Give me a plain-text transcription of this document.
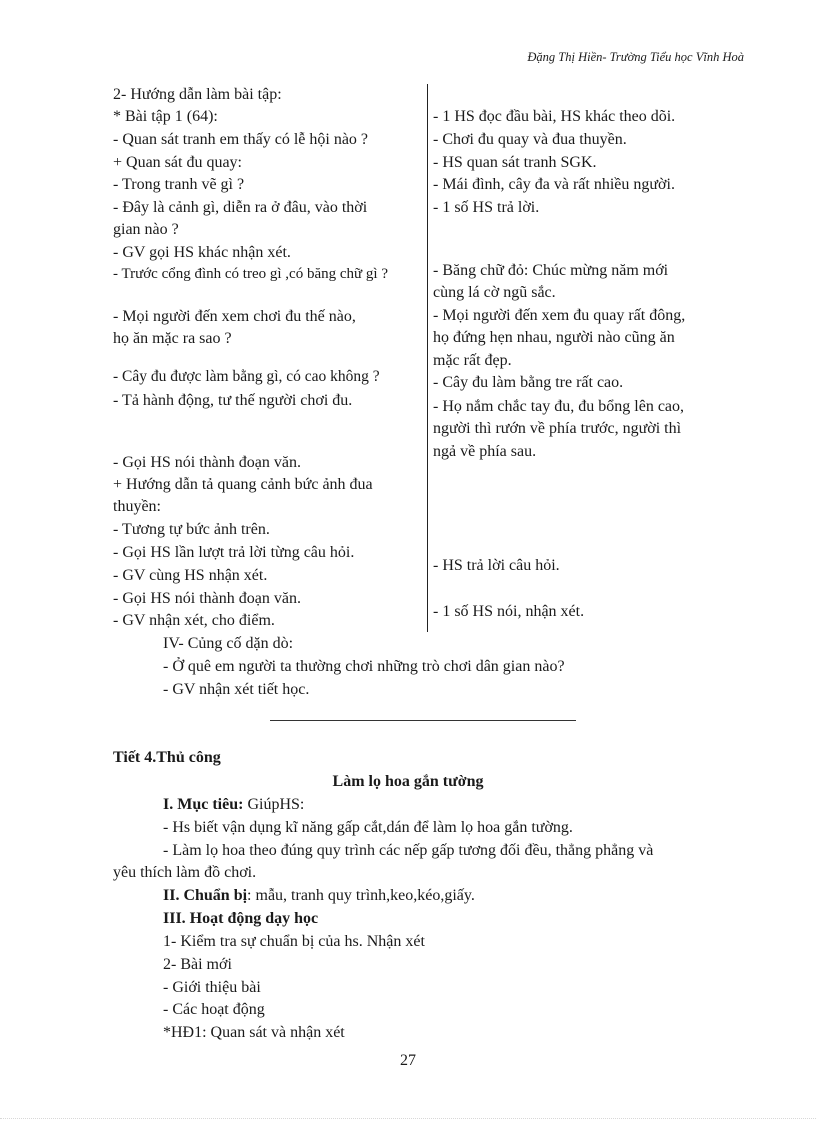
Đặng Thị Hiền- Trường Tiểu học Vĩnh Hoà
2- Hướng dẫn làm bài tập:
* Bài tập 1 (64):
- Quan sát tranh em thấy có lễ hội nào ?
+ Quan sát đu quay:
- Trong tranh vẽ gì ?
- Đây là cảnh gì, diễn ra ở đâu, vào thời
gian nào ?
- GV gọi HS khác nhận xét.
- Trước cổng đình có treo gì ,có băng chữ gì ?
- Mọi người đến xem chơi đu thế nào,
họ ăn mặc ra sao ?
- Cây đu được làm bằng gì, có cao không ?
- Tả hành động, tư thế người chơi đu.
- Gọi HS nói thành đoạn văn.
+ Hướng dẫn tả quang cảnh bức ảnh đua
thuyền:
- Tương tự bức ảnh trên.
- Gọi HS lần lượt trả lời từng câu hỏi.
- GV cùng HS nhận xét.
- Gọi HS nói thành đoạn văn.
- GV nhận xét, cho điểm.
- 1 HS đọc đầu bài, HS khác theo dõi.
- Chơi đu quay và đua thuyền.
- HS quan sát tranh SGK.
- Mái đình, cây đa và rất nhiều người.
- 1 số HS trả lời.
- Băng chữ đỏ: Chúc mừng năm mới
cùng lá cờ ngũ sắc.
- Mọi người đến xem đu quay rất đông,
họ đứng hẹn nhau, người nào cũng ăn
mặc rất đẹp.
- Cây đu làm bằng tre rất cao.
- Họ nắm chắc tay đu, đu bổng lên cao,
người thì rướn về phía trước, người thì
ngả về phía sau.
- HS trả lời câu hỏi.
- 1 số HS nói, nhận xét.
IV- Củng cố dặn dò:
- Ở quê em người ta thường chơi những trò chơi dân gian nào?
- GV nhận xét tiết học.
Tiết 4.Thủ công
Làm lọ hoa gắn tường
I. Mục tiêu: GiúpHS:
- Hs biết vận dụng kĩ năng gấp cắt,dán để làm lọ hoa gắn tường.
- Làm lọ hoa theo đúng quy trình các nếp gấp tương đối đều, thẳng phẳng và
yêu thích làm đồ chơi.
II. Chuẩn bị: mẫu, tranh quy trình,keo,kéo,giấy.
III. Hoạt động dạy học
1- Kiểm tra sự chuẩn bị của hs. Nhận xét
2- Bài mới
- Giới thiệu bài
- Các hoạt động
*HĐ1: Quan sát và nhận xét
27
